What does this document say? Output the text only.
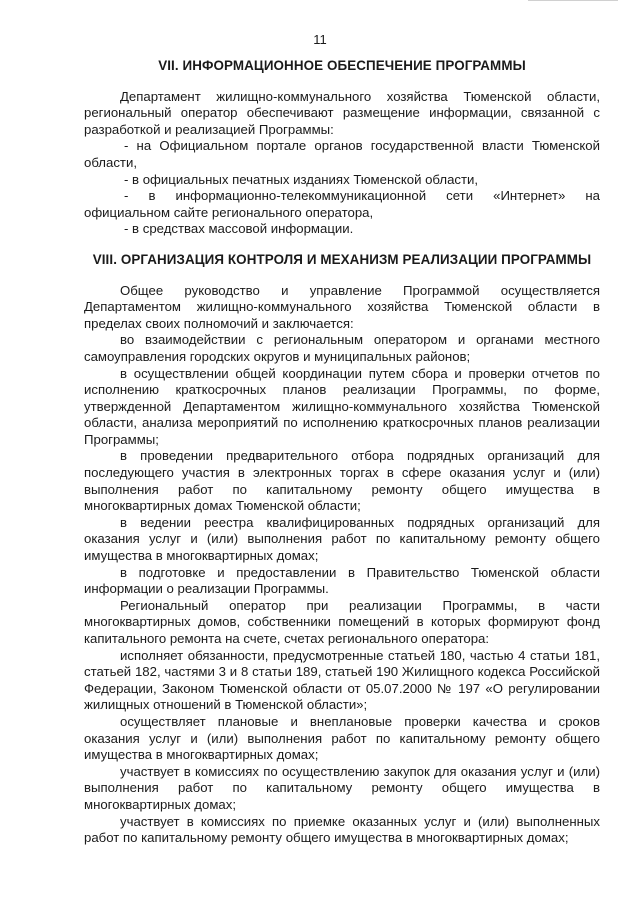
11
VII. ИНФОРМАЦИОННОЕ ОБЕСПЕЧЕНИЕ ПРОГРАММЫ

Департамент жилищно-коммунального хозяйства Тюменской области, региональный оператор обеспечивают размещение информации, связанной с разработкой и реализацией Программы:

- на Официальном портале органов государственной власти Тюменской области,

- в официальных печатных изданиях Тюменской области,

- в информационно-телекоммуникационной сети «Интернет» на официальном сайте регионального оператора,

- в средствах массовой информации.

VIII. ОРГАНИЗАЦИЯ КОНТРОЛЯ И МЕХАНИЗМ РЕАЛИЗАЦИИ ПРОГРАММЫ

Общее руководство и управление Программой осуществляется Департаментом жилищно-коммунального хозяйства Тюменской области в пределах своих полномочий и заключается:

во взаимодействии с региональным оператором и органами местного самоуправления городских округов и муниципальных районов;

в осуществлении общей координации путем сбора и проверки отчетов по исполнению краткосрочных планов реализации Программы, по форме, утвержденной Департаментом жилищно-коммунального хозяйства Тюменской области, анализа мероприятий по исполнению краткосрочных планов реализации Программы;

в проведении предварительного отбора подрядных организаций для последующего участия в электронных торгах в сфере оказания услуг и (или) выполнения работ по капитальному ремонту общего имущества в многоквартирных домах Тюменской области;

в ведении реестра квалифицированных подрядных организаций для оказания услуг и (или) выполнения работ по капитальному ремонту общего имущества в многоквартирных домах;

в подготовке и предоставлении в Правительство Тюменской области информации о реализации Программы.

Региональный оператор при реализации Программы, в части многоквартирных домов, собственники помещений в которых формируют фонд капитального ремонта на счете, счетах регионального оператора:

исполняет обязанности, предусмотренные статьей 180, частью 4 статьи 181, статьей 182, частями 3 и 8 статьи 189, статьей 190 Жилищного кодекса Российской Федерации, Законом Тюменской области от 05.07.2000 № 197 «О регулировании жилищных отношений в Тюменской области»;

осуществляет плановые и внеплановые проверки качества и сроков оказания услуг и (или) выполнения работ по капитальному ремонту общего имущества в многоквартирных домах;

участвует в комиссиях по осуществлению закупок для оказания услуг и (или) выполнения работ по капитальному ремонту общего имущества в многоквартирных домах;

участвует в комиссиях по приемке оказанных услуг и (или) выполненных работ по капитальному ремонту общего имущества в многоквартирных домах;
